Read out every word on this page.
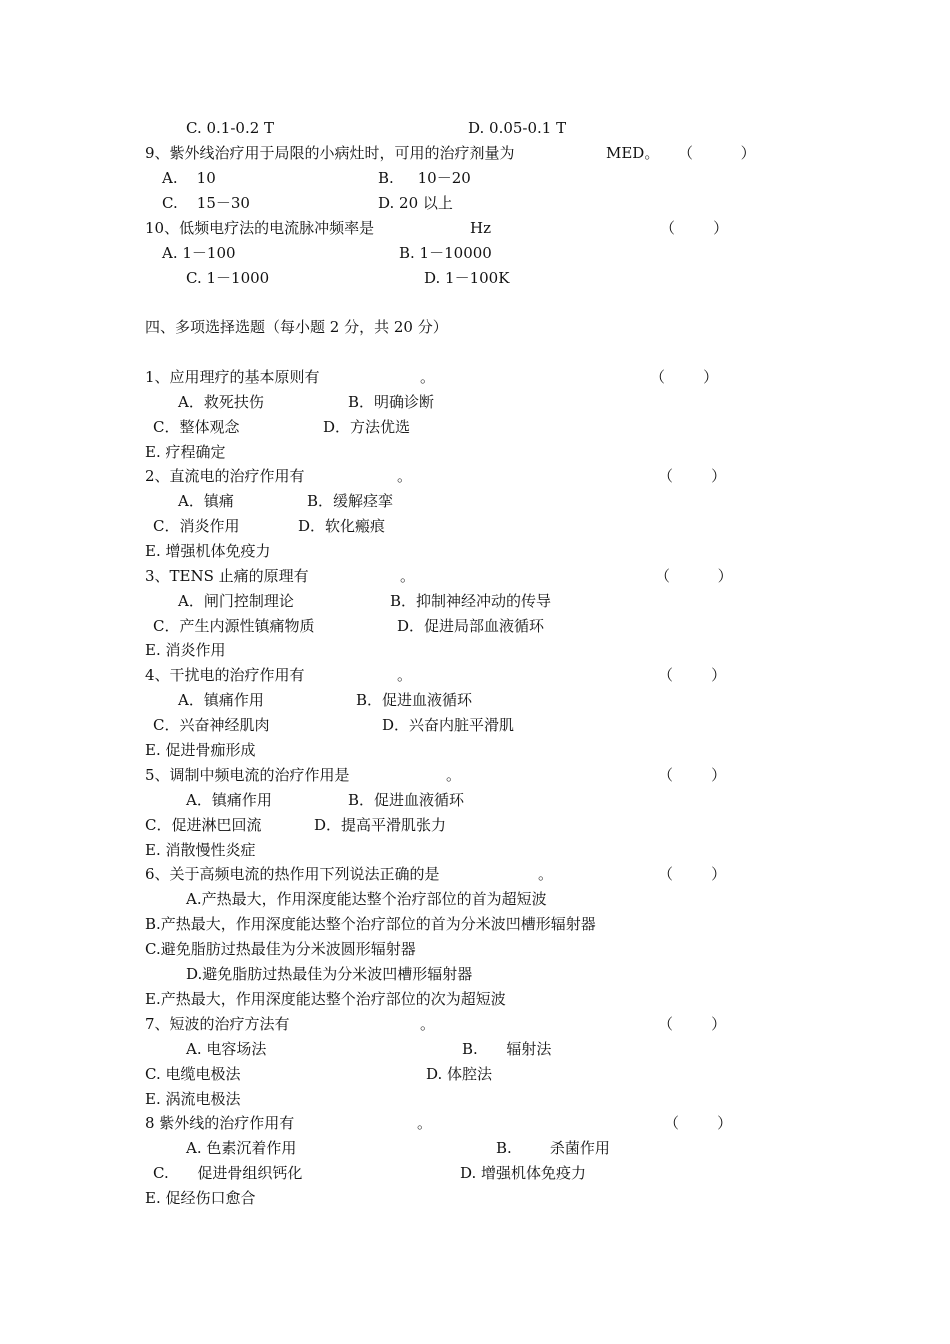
C. 0.1-0.2 T	D. 0.05-0.1 T
9、紫外线治疗用于局限的小病灶时，可用的治疗剂量为	MED。 （          ）
A.    10	B.     10－20
C.    15－30	D. 20 以上
10、低频电疗法的电流脉冲频率是	Hz	（        ）
A. 1－100	B. 1－10000
C. 1－1000	D. 1－100K
四、多项选择选题（每小题 2 分，共 20 分）
1、应用理疗的基本原则有	。	（        ）
A．救死扶伤	B．明确诊断
C．整体观念	D．方法优选
E. 疗程确定
2、直流电的治疗作用有	。	（        ）
A．镇痛	B．缓解痉挛
C．消炎作用	D．软化瘢痕
E. 增强机体免疫力
3、TENS 止痛的原理有	。	（          ）
A．闸门控制理论	B．抑制神经冲动的传导
C．产生内源性镇痛物质	D．促进局部血液循环
E. 消炎作用
4、干扰电的治疗作用有	。	（        ）
A．镇痛作用	B．促进血液循环
C．兴奋神经肌肉	D．兴奋内脏平滑肌
E. 促进骨痂形成
5、调制中频电流的治疗作用是	。	（        ）
A．镇痛作用	B．促进血液循环
C．促进淋巴回流	D．提高平滑肌张力
E. 消散慢性炎症
6、关于高频电流的热作用下列说法正确的是	。	（        ）
A.产热最大，作用深度能达整个治疗部位的首为超短波
B.产热最大，作用深度能达整个治疗部位的首为分米波凹槽形辐射器
C.避免脂肪过热最佳为分米波圆形辐射器
D.避免脂肪过热最佳为分米波凹槽形辐射器
E.产热最大，作用深度能达整个治疗部位的次为超短波
7、短波的治疗方法有	。	（        ）
A. 电容场法	B.      辐射法
C. 电缆电极法	D. 体腔法
E. 涡流电极法
8 紫外线的治疗作用有	。	（        ）
A. 色素沉着作用	B.        杀菌作用
C.      促进骨组织钙化	D. 增强机体免疫力
E. 促经伤口愈合
